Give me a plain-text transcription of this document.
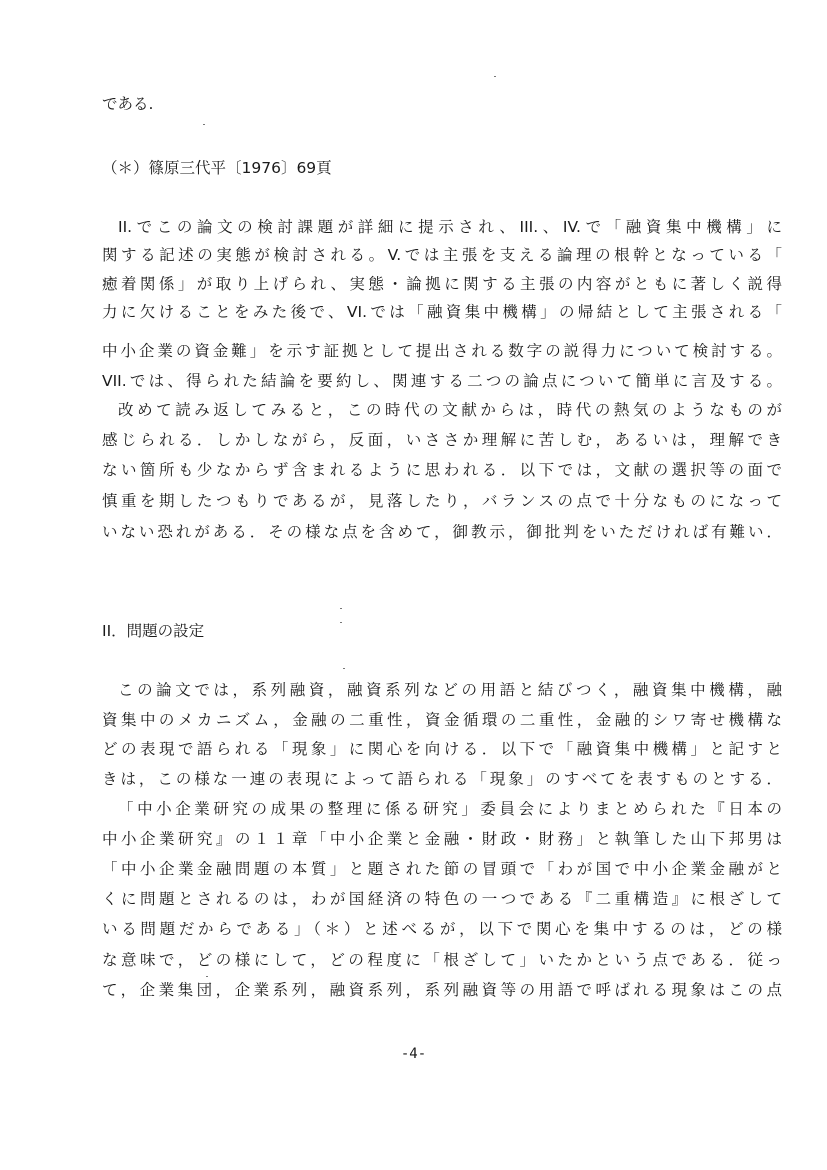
である.
（＊）篠原三代平〔1976〕69頁
II.でこの論文の検討課題が詳細に提示され、III.、IV.で「融資集中機構」に
関する記述の実態が検討される。V.では主張を支える論理の根幹となっている「
癒着関係」が取り上げられ、実態・論拠に関する主張の内容がともに著しく説得
力に欠けることをみた後で、VI.では「融資集中機構」の帰結として主張される「
中小企業の資金難」を示す証拠として提出される数字の説得力について検討する。
VII.では、得られた結論を要約し、関連する二つの論点について簡単に言及する。
改めて読み返してみると，この時代の文献からは，時代の熱気のようなものが
感じられる．しかしながら，反面，いささか理解に苦しむ，あるいは，理解でき
ない箇所も少なからず含まれるように思われる．以下では，文献の選択等の面で
慎重を期したつもりであるが，見落したり，バランスの点で十分なものになって
いない恐れがある．その様な点を含めて，御教示，御批判をいただければ有難い．
II．問題の設定
この論文では，系列融資，融資系列などの用語と結びつく，融資集中機構，融
資集中のメカニズム，金融の二重性，資金循環の二重性，金融的シワ寄せ機構な
どの表現で語られる「現象」に関心を向ける．以下で「融資集中機構」と記すと
きは，この様な一連の表現によって語られる「現象」のすべてを表すものとする．
「中小企業研究の成果の整理に係る研究」委員会によりまとめられた『日本の
中小企業研究』の１１章「中小企業と金融・財政・財務」と執筆した山下邦男は
「中小企業金融問題の本質」と題された節の冒頭で「わが国で中小企業金融がと
くに問題とされるのは，わが国経済の特色の一つである『二重構造』に根ざして
いる問題だからである」（＊）と述べるが，以下で関心を集中するのは，どの様
な意味で，どの様にして，どの程度に「根ざして」いたかという点である．従っ
て，企業集団，企業系列，融資系列，系列融資等の用語で呼ばれる現象はこの点
-4-
